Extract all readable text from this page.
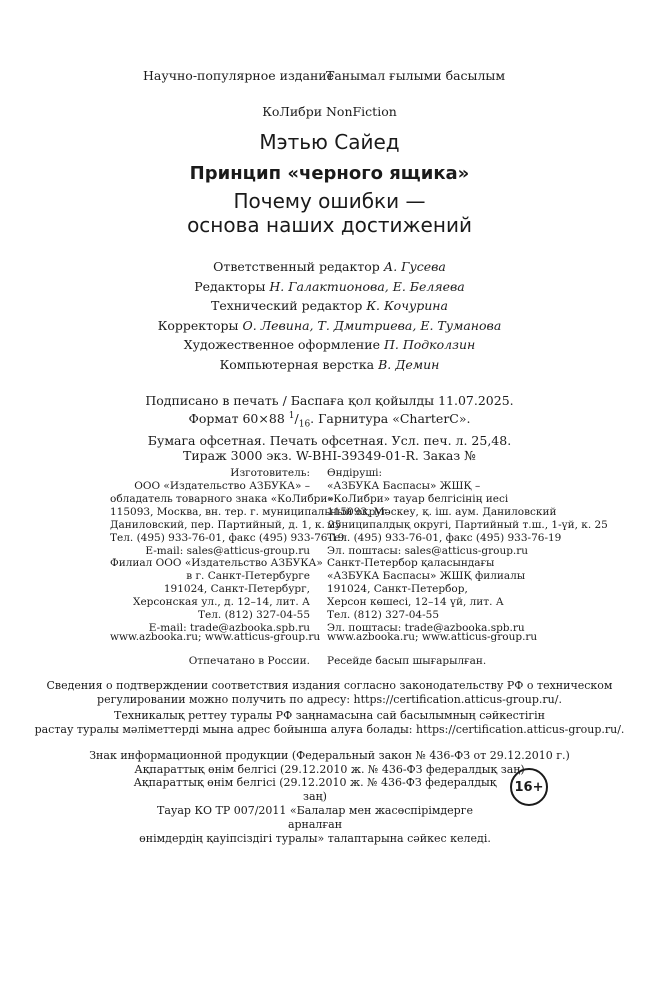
Научно-популярное издание
Танымал ғылыми басылым
КоЛибри NonFiction
Мэтью Сайед
Принцип «черного ящика»
Почему ошибки —
основа наших достижений
Ответственный редактор А. Гусева
Редакторы Н. Галактионова, Е. Беляева
Технический редактор К. Кочурина
Корректоры О. Левина, Т. Дмитриева, Е. Туманова
Художественное оформление П. Подколзин
Компьютерная верстка В. Демин
Подписано в печать / Баспаға қол қойылды 11.07.2025.
Формат 60×88 $^1/_{16}$. Гарнитура «CharterC».
Бумага офсетная. Печать офсетная. Усл. печ. л. 25,48.
Тираж 3000 экз. W-BHI-39349-01-R. Заказ №
Изготовитель:
ООО «Издательство АЗБУКА» –
обладатель товарного знака «КоЛибри»
115093, Москва, вн. тер. г. муниципальный округ
Даниловский, пер. Партийный, д. 1, к. 25
Тел. (495) 933-76-01, факс (495) 933-76-19
E-mail: sales@atticus-group.ru
Өндіруші:
«АЗБУКА Баспасы» ЖШҚ –
«КоЛибри» тауар белгісінің иесі
115093, Мәскеу, қ. іш. аум. Даниловский
муниципалдық округі, Партийный т.ш., 1-үй, к. 25
Тел. (495) 933-76-01, факс (495) 933-76-19
Эл. поштасы: sales@atticus-group.ru
Филиал ООО «Издательство АЗБУКА»
в г. Санкт-Петербурге
191024, Санкт-Петербург,
Херсонская ул., д. 12–14, лит. А
Тел. (812) 327-04-55
E-mail: trade@azbooka.spb.ru
Санкт-Петербор қаласындағы
«АЗБУКА Баспасы» ЖШҚ филиалы
191024, Санкт-Петербор,
Херсон көшесі, 12–14 үй, лит. А
Тел. (812) 327-04-55
Эл. поштасы: trade@azbooka.spb.ru
www.azbooka.ru; www.atticus-group.ru www.azbooka.ru; www.atticus-group.ru
Отпечатано в России. Ресейде басып шығарылған.
Сведения о подтверждении соответствия издания согласно законодательству РФ о техническом
регулировании можно получить по адресу: https://certification.atticus-group.ru/.
Техникалық реттеу туралы РФ заңнамасына сай басылымның сәйкестігін
растау туралы мәліметтерді мына адрес бойынша алуға болады: https://certification.atticus-group.ru/.
Знак информационной продукции (Федеральный закон № 436-ФЗ от 29.12.2010 г.)
Ақпараттық өнім белгісі (29.12.2010 ж. № 436-ФЗ федералдық заң)
Ақпараттық өнім белгісі (29.12.2010 ж. № 436-ФЗ федералдық заң)
Тауар КО ТР 007/2011 «Балалар мен жасөспірімдерге арналған
өнімдердің қауіпсіздігі туралы» талаптарына сәйкес келеді.
16+
